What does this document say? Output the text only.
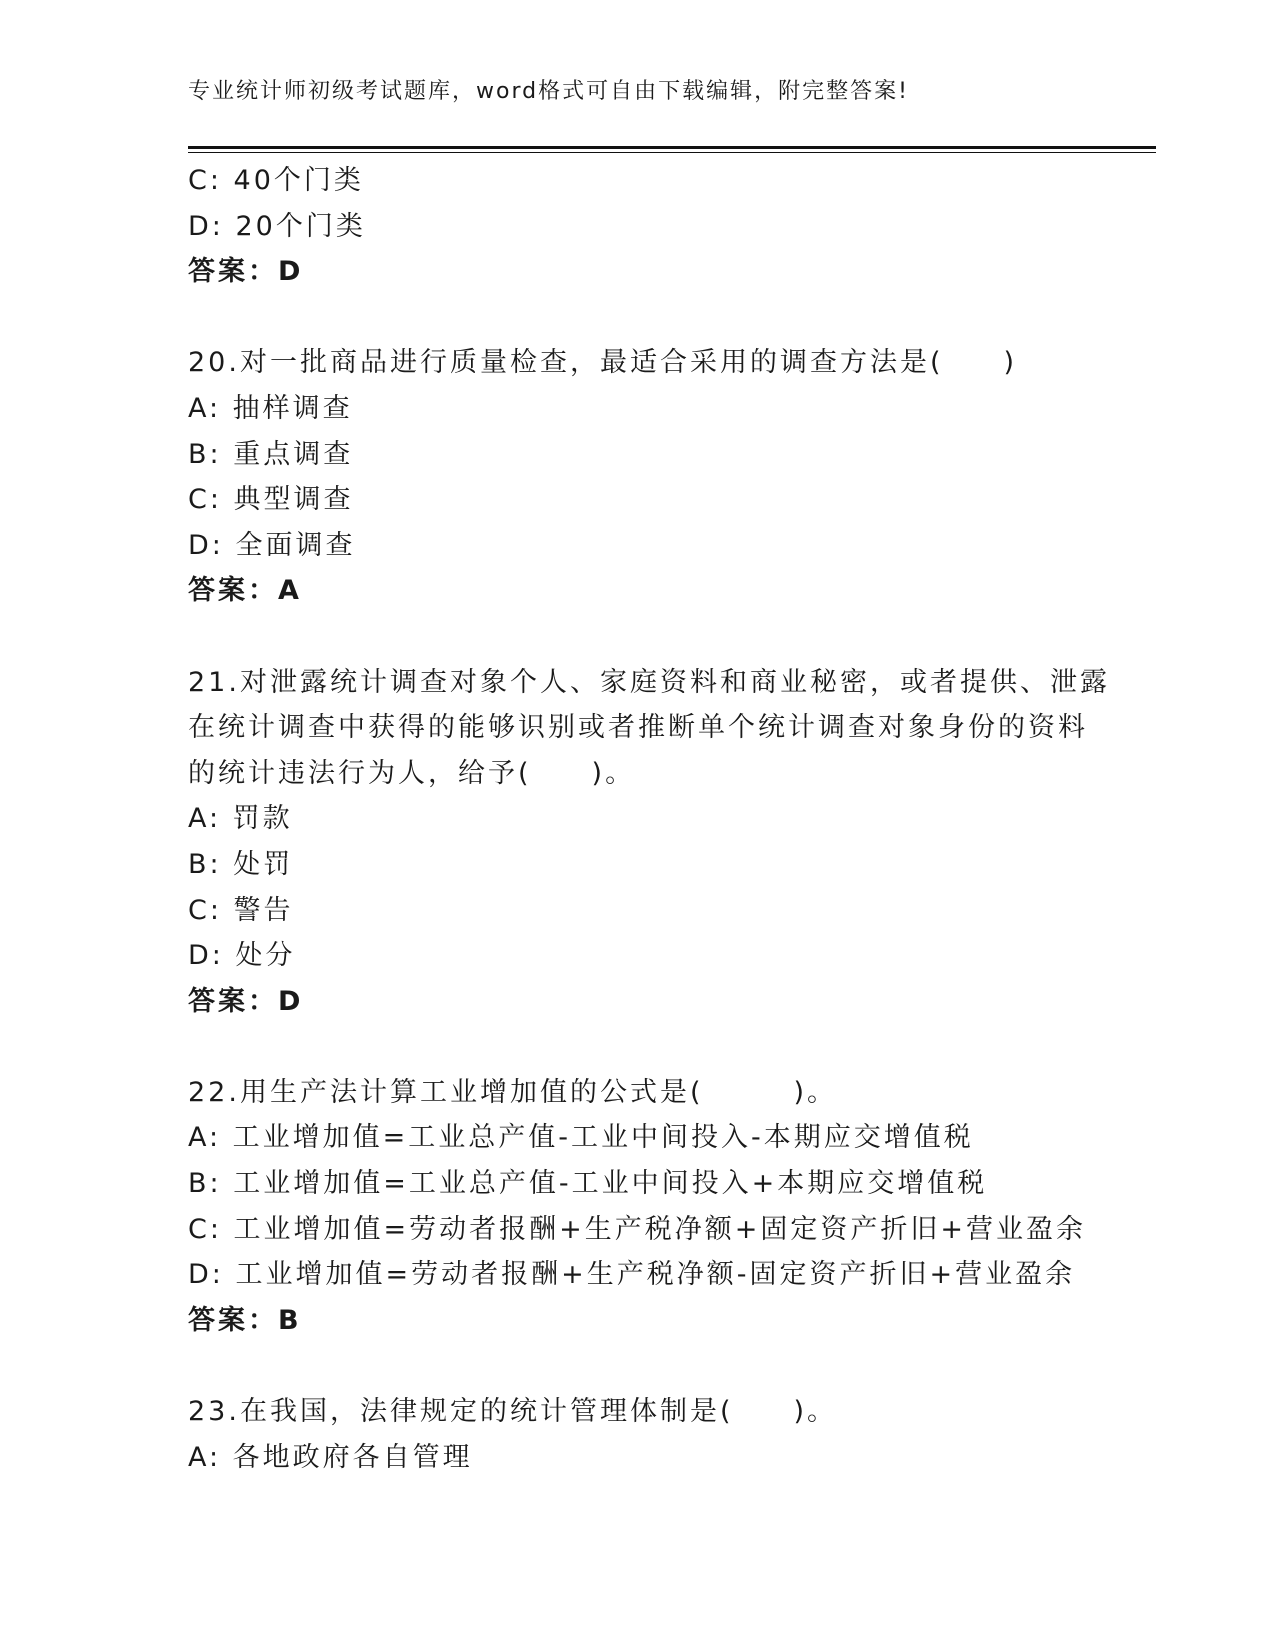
专业统计师初级考试题库，word格式可自由下载编辑，附完整答案!
C: 40个门类
D: 20个门类
答案：D
20.对一批商品进行质量检查，最适合采用的调查方法是(　　)
A: 抽样调查
B: 重点调查
C: 典型调查
D: 全面调查
答案：A
21.对泄露统计调查对象个人、家庭资料和商业秘密，或者提供、泄露
在统计调查中获得的能够识别或者推断单个统计调查对象身份的资料
的统计违法行为人，给予(　　)。
A: 罚款
B: 处罚
C: 警告
D: 处分
答案：D
22.用生产法计算工业增加值的公式是(　　　)。
A: 工业增加值=工业总产值-工业中间投入-本期应交增值税
B: 工业增加值=工业总产值-工业中间投入+本期应交增值税
C: 工业增加值=劳动者报酬+生产税净额+固定资产折旧+营业盈余
D: 工业增加值=劳动者报酬+生产税净额-固定资产折旧+营业盈余
答案：B
23.在我国，法律规定的统计管理体制是(　　)。
A: 各地政府各自管理
